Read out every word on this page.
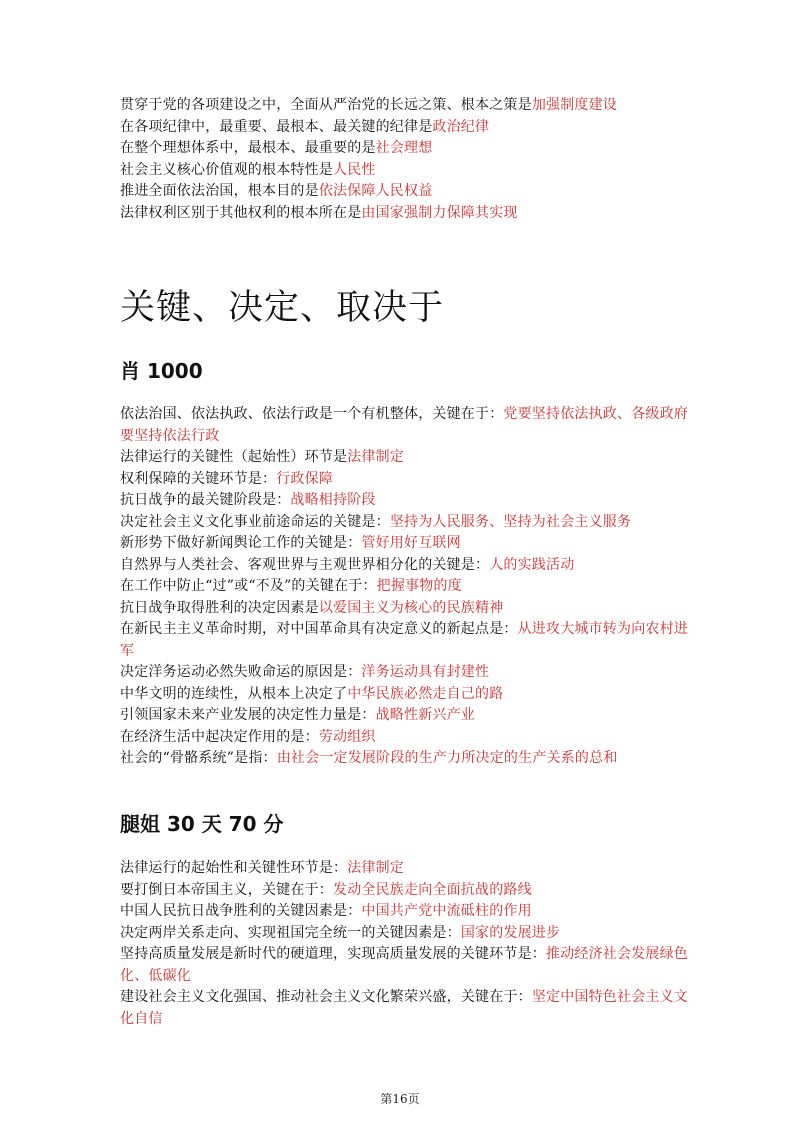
贯穿于党的各项建设之中，全面从严治党的长远之策、根本之策是加强制度建设

在各项纪律中，最重要、最根本、最关键的纪律是政治纪律

在整个理想体系中，最根本、最重要的是社会理想

社会主义核心价值观的根本特性是人民性

推进全面依法治国，根本目的是依法保障人民权益

法律权利区别于其他权利的根本所在是由国家强制力保障其实现

关键、决定、取决于
肖 1000

依法治国、依法执政、依法行政是一个有机整体，关键在于：党要坚持依法执政、各级政府要坚持依法行政

法律运行的关键性（起始性）环节是法律制定

权利保障的关键环节是：行政保障

抗日战争的最关键阶段是：战略相持阶段

决定社会主义文化事业前途命运的关键是：坚持为人民服务、坚持为社会主义服务

新形势下做好新闻舆论工作的关键是：管好用好互联网

自然界与人类社会、客观世界与主观世界相分化的关键是：人的实践活动

在工作中防止“过”或“不及”的关键在于：把握事物的度

抗日战争取得胜利的决定因素是以爱国主义为核心的民族精神

在新民主主义革命时期，对中国革命具有决定意义的新起点是：从进攻大城市转为向农村进军

决定洋务运动必然失败命运的原因是：洋务运动具有封建性

中华文明的连续性，从根本上决定了中华民族必然走自己的路

引领国家未来产业发展的决定性力量是：战略性新兴产业

在经济生活中起决定作用的是：劳动组织

社会的“骨骼系统”是指：由社会一定发展阶段的生产力所决定的生产关系的总和

腿姐 30 天 70 分

法律运行的起始性和关键性环节是：法律制定

要打倒日本帝国主义，关键在于：发动全民族走向全面抗战的路线

中国人民抗日战争胜利的关键因素是：中国共产党中流砥柱的作用

决定两岸关系走向、实现祖国完全统一的关键因素是：国家的发展进步

坚持高质量发展是新时代的硬道理，实现高质量发展的关键环节是：推动经济社会发展绿色化、低碳化

建设社会主义文化强国、推动社会主义文化繁荣兴盛，关键在于：坚定中国特色社会主义文化自信

第16页
